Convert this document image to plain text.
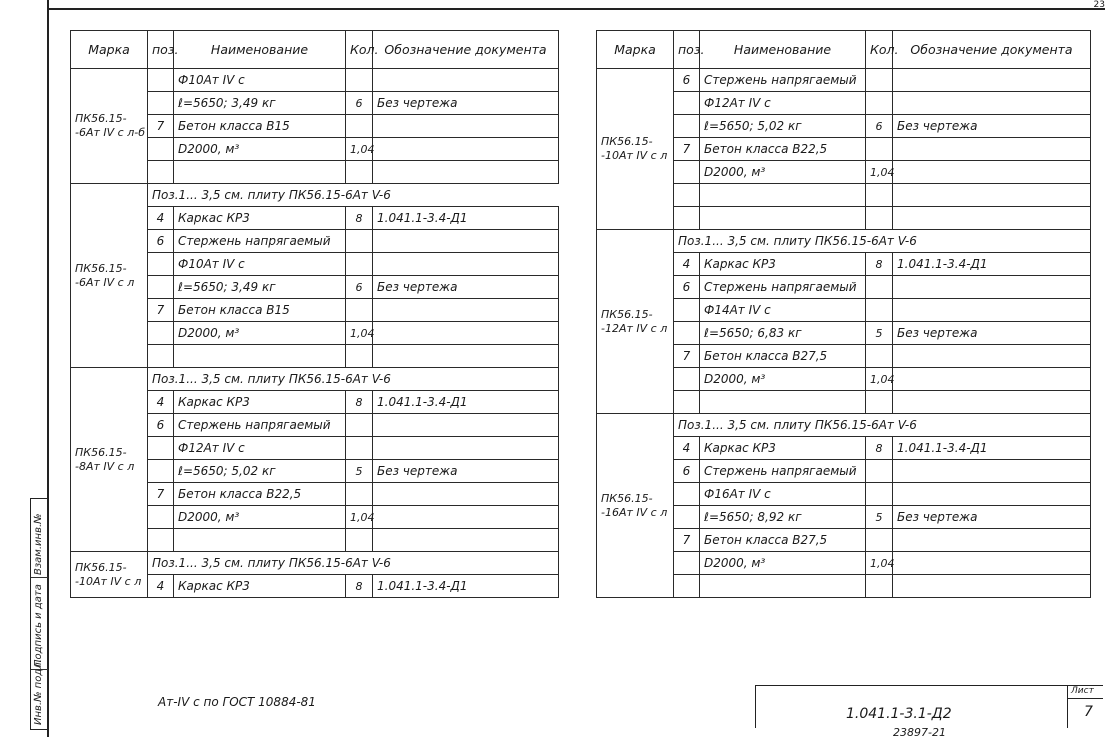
23
Взам.инв.№
Подпись и дата
Инв.№ подл.
Марка	поз.	Наименование	Кол.	Обозначение документа
ПК56.15-
-6Ат IV с л-б		Ф10Ат IV с		
		ℓ=5650; 3,49 кг	6	Без чертежа
	7	Бетон класса В15		
		D2000, м³	1,04	

ПК56.15-
-6Ат IV с л	Поз.1... 3,5 см. плиту ПК56.15-6Ат V-6			
	4	Каркас КР3	8	1.041.1-3.4-Д1
	6	Стержень напрягаемый		
		Ф10Ат IV с		
		ℓ=5650; 3,49 кг	6	Без чертежа
	7	Бетон класса В15		
		D2000, м³	1,04	

ПК56.15-
-8Ат IV с л	Поз.1... 3,5 см. плиту ПК56.15-6Ат V-6			
	4	Каркас КР3	8	1.041.1-3.4-Д1
	6	Стержень напрягаемый		
		Ф12Ат IV с		
		ℓ=5650; 5,02 кг	5	Без чертежа
	7	Бетон класса В22,5		
		D2000, м³	1,04	

ПК56.15-
-10Ат IV с л	Поз.1... 3,5 см. плиту ПК56.15-6Ат V-6			
	4	Каркас КР3	8	1.041.1-3.4-Д1
Марка	поз.	Наименование	Кол.	Обозначение документа
ПК56.15-
-10Ат IV с л	6	Стержень напрягаемый		
		Ф12Ат IV с		
		ℓ=5650; 5,02 кг	6	Без чертежа
	7	Бетон класса В22,5		
		D2000, м³	1,04	

ПК56.15-
-12Ат IV с л	Поз.1... 3,5 см. плиту ПК56.15-6Ат V-6			
	4	Каркас КР3	8	1.041.1-3.4-Д1
	6	Стержень напрягаемый		
		Ф14Ат IV с		
		ℓ=5650; 6,83 кг	5	Без чертежа
	7	Бетон класса В27,5		
		D2000, м³	1,04	

ПК56.15-
-16Ат IV с л	Поз.1... 3,5 см. плиту ПК56.15-6Ат V-6			
	4	Каркас КР3	8	1.041.1-3.4-Д1
	6	Стержень напрягаемый		
		Ф16Ат IV с		
		ℓ=5650; 8,92 кг	5	Без чертежа
	7	Бетон класса В27,5		
		D2000, м³	1,04	

Ат-IV с по ГОСТ 10884-81
1.041.1-3.1-Д2
Лист
7
23897-21
